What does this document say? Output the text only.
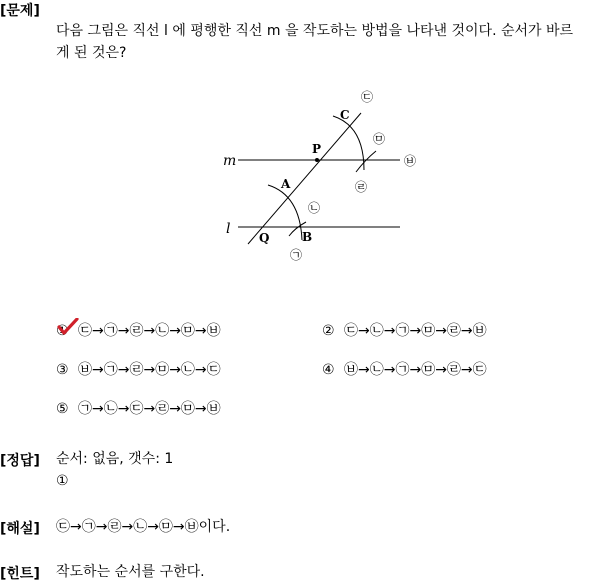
[문제]
다음 그림은 직선 l 에 평행한 직선 m 을 작도하는 방법을 나타낸 것이다. 순서가 바르게 된 것은?
m
l
P
Q
A
B
C
㉠
㉡
㉢
㉣
㉤
㉥
① ㉢→㉠→㉣→㉡→㉤→㉥	② ㉢→㉡→㉠→㉤→㉣→㉥
③ ㉥→㉠→㉣→㉤→㉡→㉢	④ ㉥→㉡→㉠→㉤→㉣→㉢
⑤ ㉠→㉡→㉢→㉣→㉤→㉥
[정답] 순서: 없음, 갯수: 1
①
[해설] ㉢→㉠→㉣→㉡→㉤→㉥이다.
[힌트] 작도하는 순서를 구한다.
